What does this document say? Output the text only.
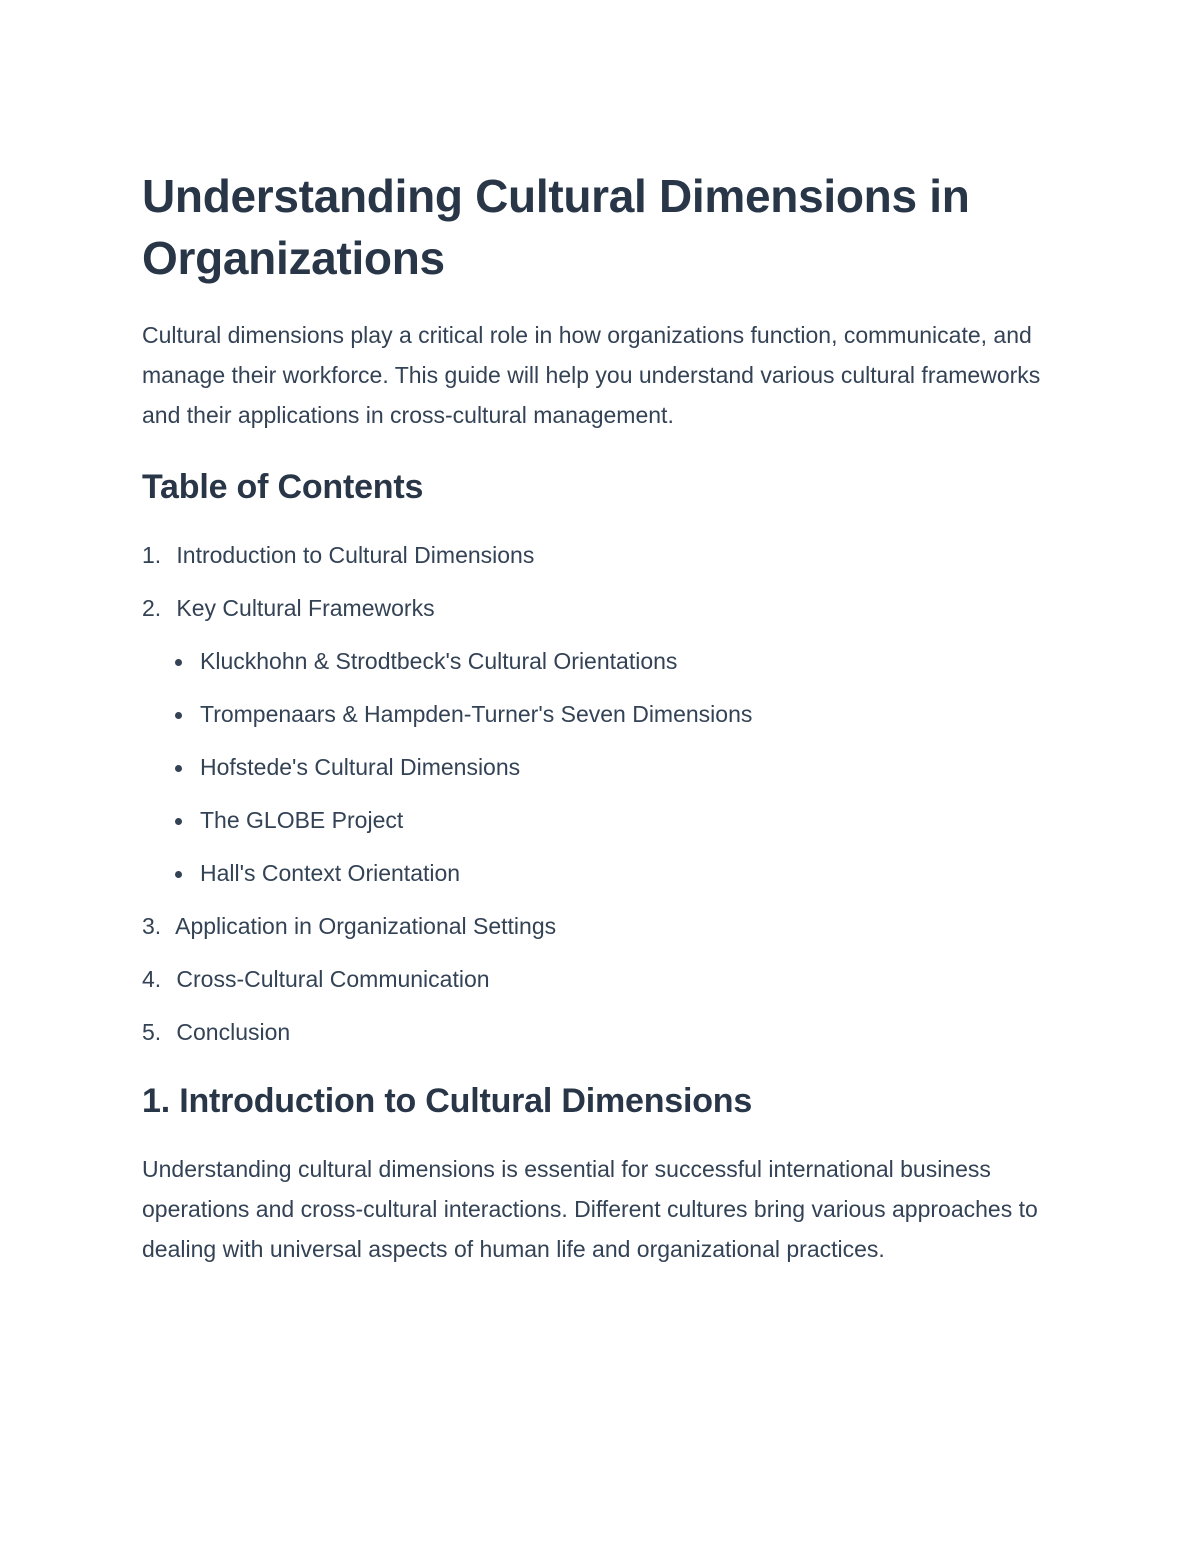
Understanding Cultural Dimensions in Organizations

Cultural dimensions play a critical role in how organizations function, communicate, and manage their workforce. This guide will help you understand various cultural frameworks and their applications in cross-cultural management.

Table of Contents
1. Introduction to Cultural Dimensions
2. Key Cultural Frameworks
Kluckhohn & Strodtbeck's Cultural Orientations
Trompenaars & Hampden-Turner's Seven Dimensions
Hofstede's Cultural Dimensions
The GLOBE Project
Hall's Context Orientation
3. Application in Organizational Settings
4. Cross-Cultural Communication
5. Conclusion
1. Introduction to Cultural Dimensions

Understanding cultural dimensions is essential for successful international business operations and cross-cultural interactions. Different cultures bring various approaches to dealing with universal aspects of human life and organizational practices.
